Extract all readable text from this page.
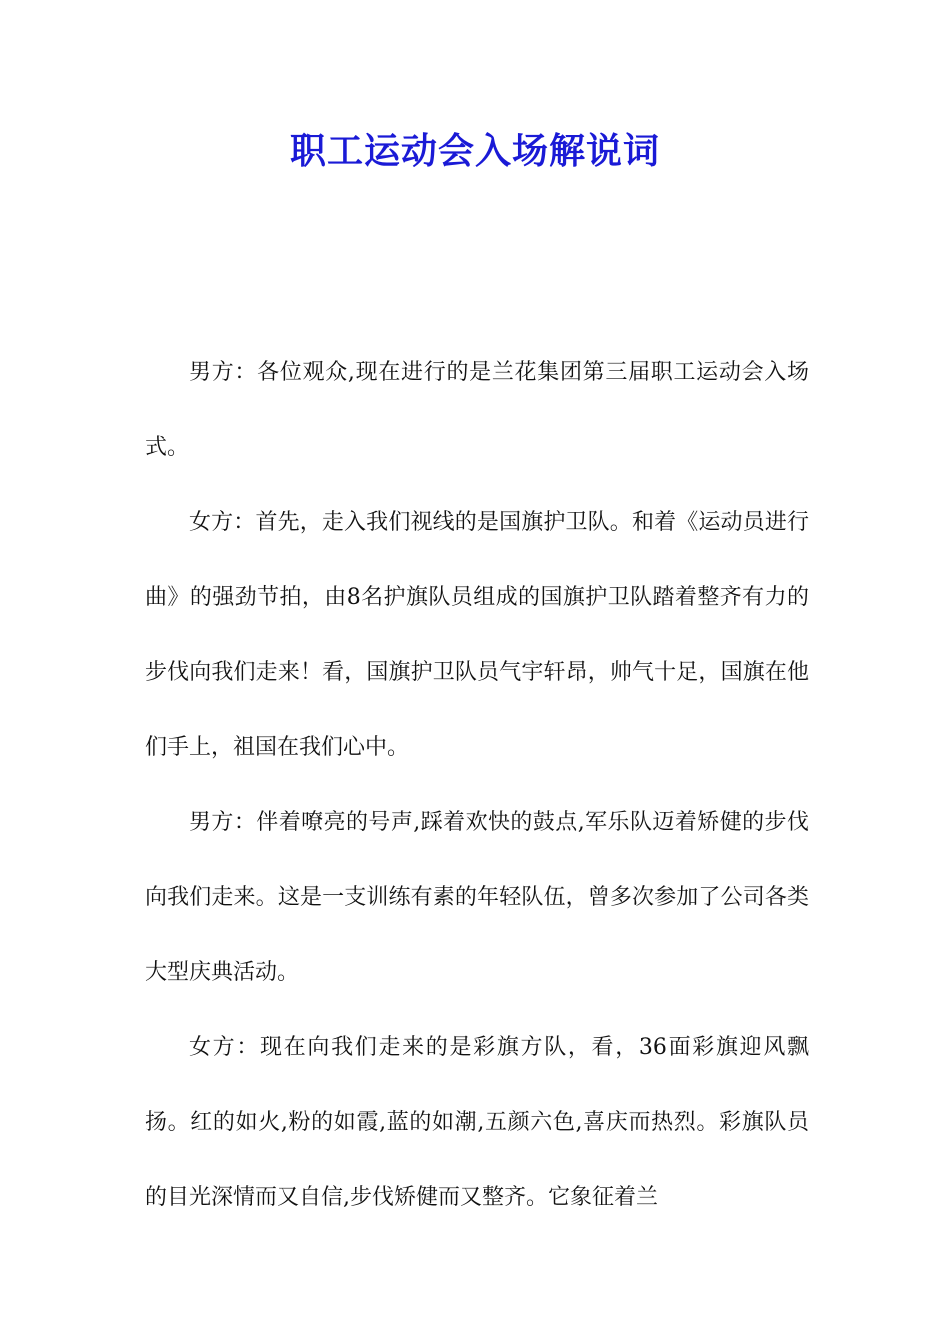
职工运动会入场解说词

男方：各位观众,现在进行的是兰花集团第三届职工运动会入场式。

女方：首先，走入我们视线的是国旗护卫队。和着《运动员进行曲》的强劲节拍，由8名护旗队员组成的国旗护卫队踏着整齐有力的步伐向我们走来！看，国旗护卫队员气宇轩昂，帅气十足，国旗在他们手上，祖国在我们心中。

男方：伴着嘹亮的号声,踩着欢快的鼓点,军乐队迈着矫健的步伐向我们走来。这是一支训练有素的年轻队伍，曾多次参加了公司各类大型庆典活动。

女方：现在向我们走来的是彩旗方队，看，36面彩旗迎风飘扬。红的如火,粉的如霞,蓝的如潮,五颜六色,喜庆而热烈。彩旗队员的目光深情而又自信,步伐矫健而又整齐。它象征着兰
